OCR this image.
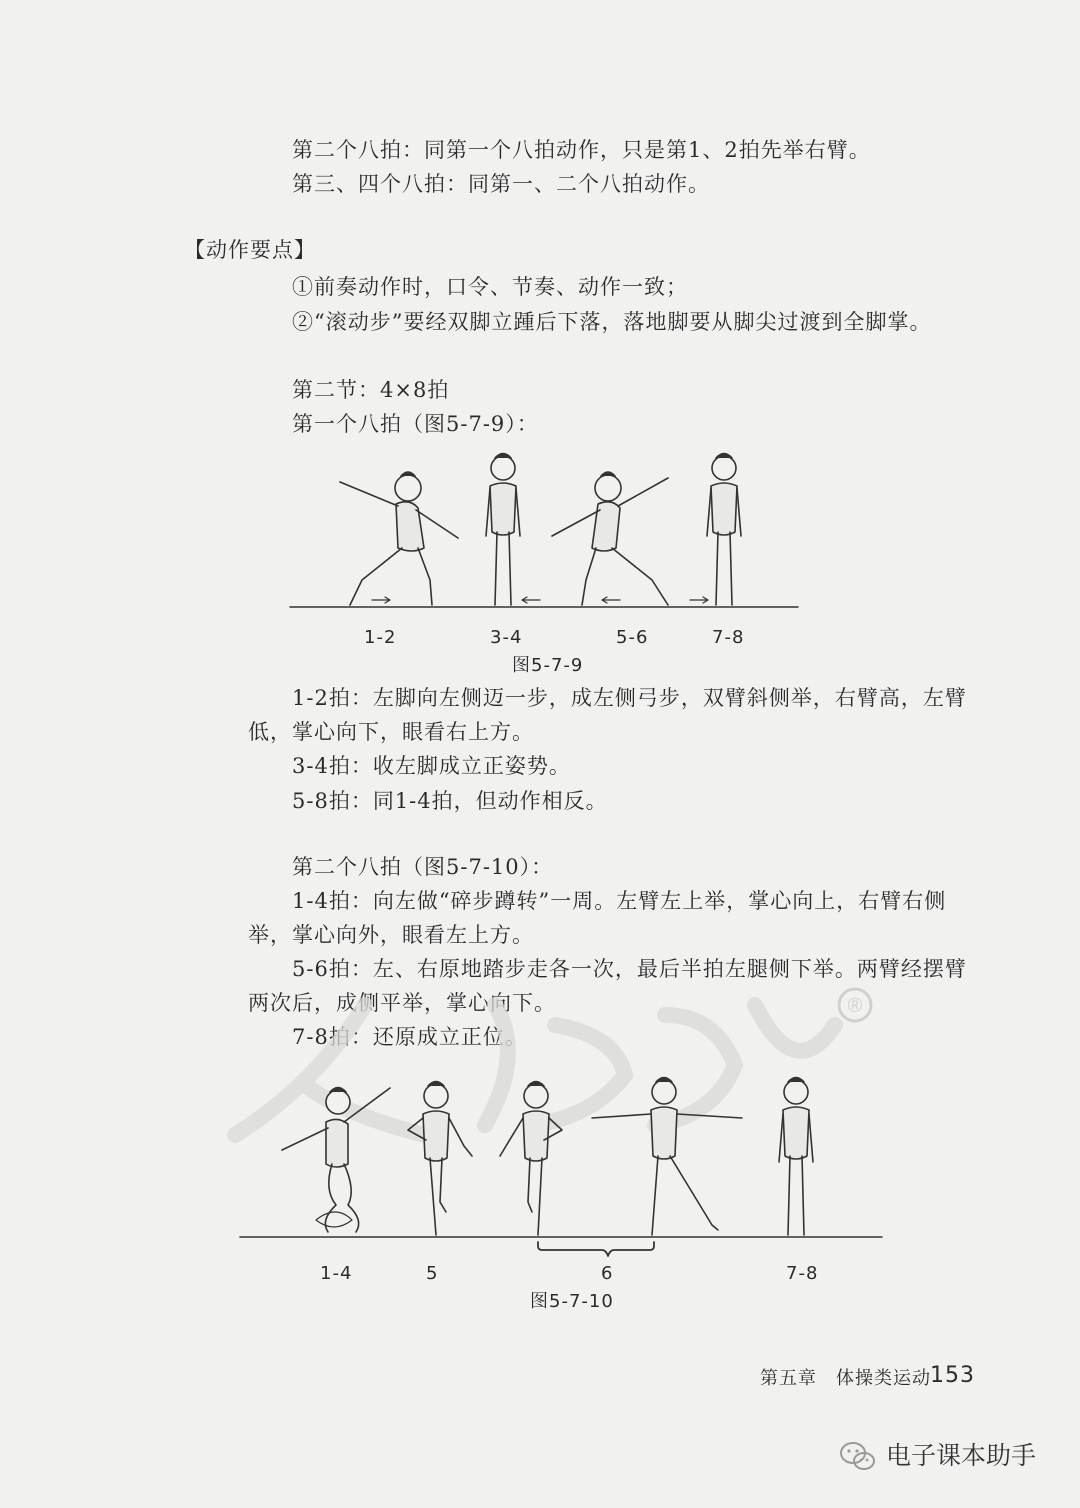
第二个八拍：同第一个八拍动作，只是第1、2拍先举右臂。
第三、四个八拍：同第一、二个八拍动作。
【动作要点】
①前奏动作时，口令、节奏、动作一致；
②“滚动步”要经双脚立踵后下落，落地脚要从脚尖过渡到全脚掌。
第二节：4×8拍
第一个八拍（图5-7-9）：
1-2	3-4	5-6	7-8
图5-7-9
1-2拍：左脚向左侧迈一步，成左侧弓步，双臂斜侧举，右臂高，左臂
低，掌心向下，眼看右上方。
3-4拍：收左脚成立正姿势。
5-8拍：同1-4拍，但动作相反。
第二个八拍（图5-7-10）：
1-4拍：向左做“碎步蹲转”一周。左臂左上举，掌心向上，右臂右侧
举，掌心向外，眼看左上方。
5-6拍：左、右原地踏步走各一次，最后半拍左腿侧下举。两臂经摆臂
两次后，成侧平举，掌心向下。
7-8拍：还原成立正位。
®
1-4	5	6	7-8
图5-7-10
第五章　体操类运动 153
电子课本助手
